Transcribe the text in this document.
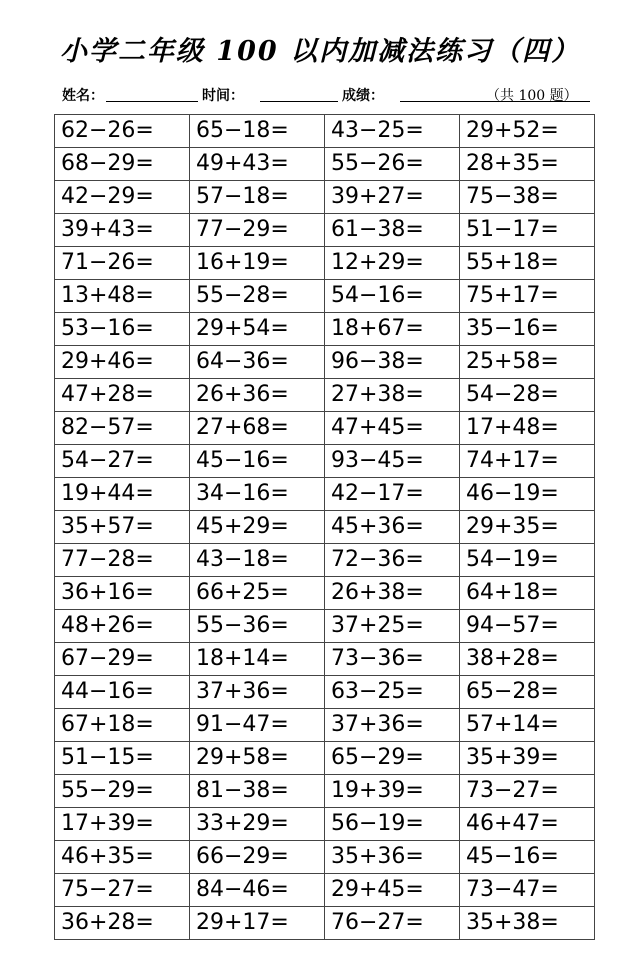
小学二年级 100 以内加减法练习（四）
姓名：	时间：	成绩：	（共 100 题）
62−26=	65−18=	43−25=	29+52=
68−29=	49+43=	55−26=	28+35=
42−29=	57−18=	39+27=	75−38=
39+43=	77−29=	61−38=	51−17=
71−26=	16+19=	12+29=	55+18=
13+48=	55−28=	54−16=	75+17=
53−16=	29+54=	18+67=	35−16=
29+46=	64−36=	96−38=	25+58=
47+28=	26+36=	27+38=	54−28=
82−57=	27+68=	47+45=	17+48=
54−27=	45−16=	93−45=	74+17=
19+44=	34−16=	42−17=	46−19=
35+57=	45+29=	45+36=	29+35=
77−28=	43−18=	72−36=	54−19=
36+16=	66+25=	26+38=	64+18=
48+26=	55−36=	37+25=	94−57=
67−29=	18+14=	73−36=	38+28=
44−16=	37+36=	63−25=	65−28=
67+18=	91−47=	37+36=	57+14=
51−15=	29+58=	65−29=	35+39=
55−29=	81−38=	19+39=	73−27=
17+39=	33+29=	56−19=	46+47=
46+35=	66−29=	35+36=	45−16=
75−27=	84−46=	29+45=	73−47=
36+28=	29+17=	76−27=	35+38=
